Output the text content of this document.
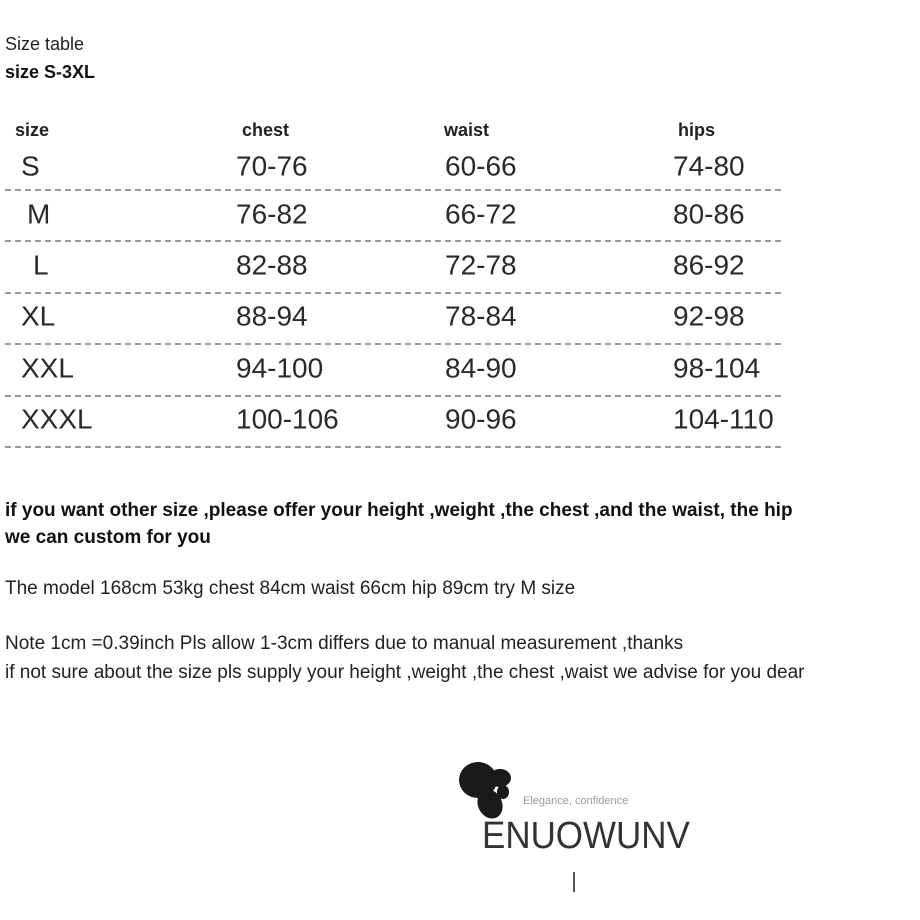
Size table
size S-3XL
size	chest	waist	hips
S	70-76	60-66	74-80
M	76-82	66-72	80-86
L	82-88	72-78	86-92
XL	88-94	78-84	92-98
XXL	94-100	84-90	98-104
XXXL	100-106	90-96	104-110
if you want other size ,please offer your height ,weight ,the chest ,and the waist, the hip
we can custom for you
The model 168cm 53kg chest 84cm waist 66cm hip 89cm try M size
Note 1cm =0.39inch Pls allow 1-3cm differs due to manual measurement ,thanks
if not sure about the size pls supply your height ,weight ,the chest ,waist we advise for you dear
Elegance, confidence
ENUOWUNV
